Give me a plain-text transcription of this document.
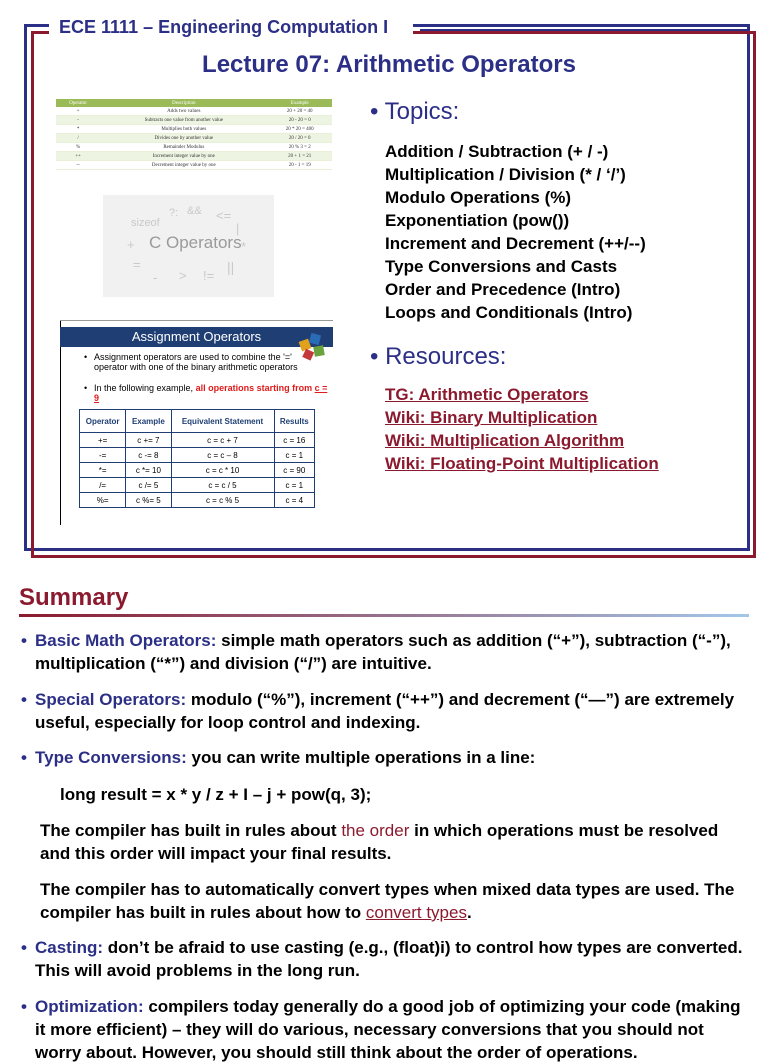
ECE 1111 – Engineering Computation I
Lecture 07: Arithmetic Operators
• Topics:
Addition / Subtraction (+ / -)
Multiplication / Division (* / ‘/’)
Modulo Operations (%)
Exponentiation (pow())
Increment and Decrement (++/--)
Type Conversions and Casts
Order and Precedence (Intro)
Loops and Conditionals (Intro)
• Resources:
TG: Arithmetic Operators
Wiki: Binary Multiplication
Wiki: Multiplication Algorithm
Wiki: Floating-Point Multiplication
Operator	Description	Example
+	Adds two values	20 + 20 = 40
-	Subtracts one value from another value	20 - 20 = 0
*	Multiplies both values	20 * 20 = 400
/	Divides one by another value	20 / 20 = 0
%	Remainder Modulus	20 % 3 = 2
++	Increment integer value by one	20 + 1 = 21
--	Decrement integer value by one	20 - 1 = 19
sizeof
?: && <=
+	*
=
- > !=
||
|
C Operators
Assignment Operators
• Assignment operators are used to combine the '=' operator with one of the binary arithmetic operators
• In the following example, all operations starting from c = 9
Operator	Example	Equivalent Statement	Results
+=	c += 7	c = c + 7	c = 16
-=	c -= 8	c = c – 8	c = 1
*=	c *= 10	c = c * 10	c = 90
/=	c /= 5	c = c / 5	c = 1
%=	c %= 5	c = c % 5	c = 4
Summary
• Basic Math Operators: simple math operators such as addition (“+”), subtraction (“-”), multiplication (“*”) and division (“/”) are intuitive.
• Special Operators: modulo (“%”), increment (“++”) and decrement (“—”) are extremely useful, especially for loop control and indexing.
• Type Conversions: you can write multiple operations in a line:
long result = x * y / z + I – j + pow(q, 3);
The compiler has built in rules about the order in which operations must be resolved and this order will impact your final results.
The compiler has to automatically convert types when mixed data types are used. The compiler has built in rules about how to convert types.
• Casting: don’t be afraid to use casting (e.g., (float)i) to control how types are converted. This will avoid problems in the long run.
• Optimization: compilers today generally do a good job of optimizing your code (making it more efficient) – they will do various, necessary conversions that you should not worry about. However, you should still think about the order of operations.
